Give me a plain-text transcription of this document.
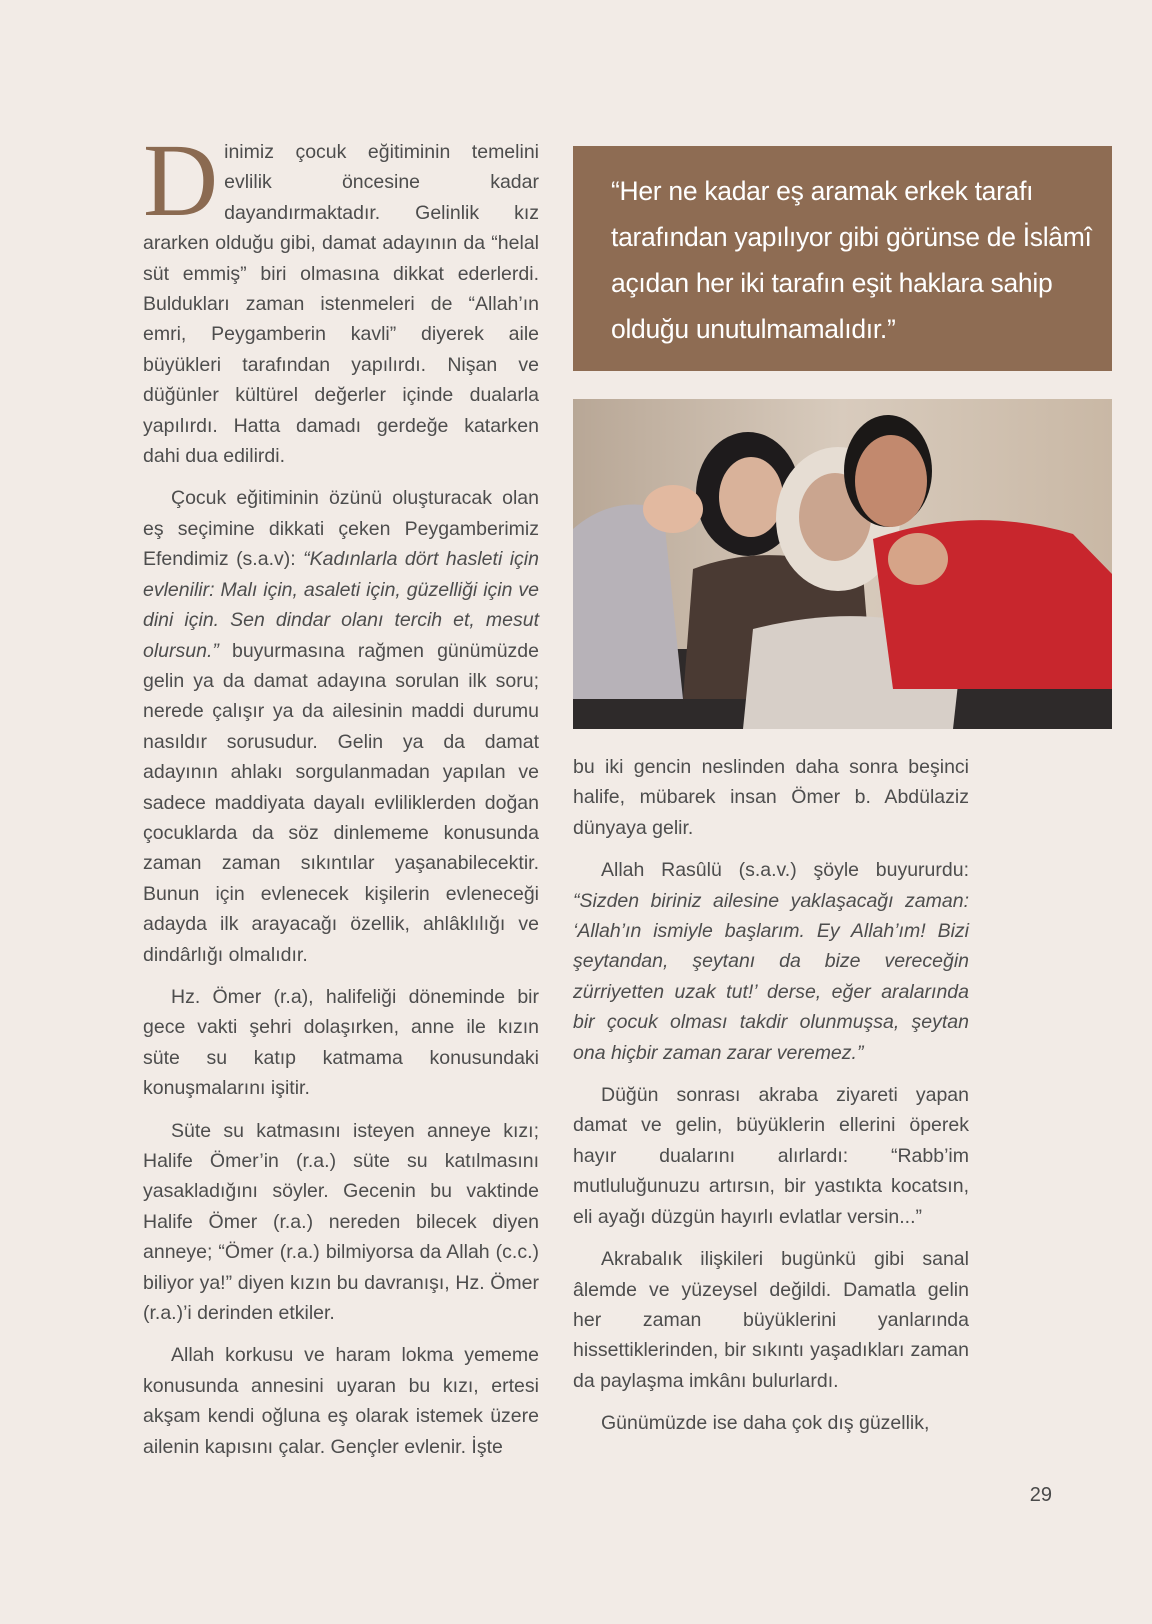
Dinimiz çocuk eğitiminin temelini evlilik öncesine kadar dayandırmaktadır. Gelinlik kız ararken olduğu gibi, damat adayının da “helal süt emmiş” biri olmasına dikkat ederlerdi. Buldukları zaman istenmeleri de “Allah’ın emri, Peygamberin kavli” diyerek aile büyükleri tarafından yapılırdı. Nişan ve düğünler kültürel değerler içinde dualarla yapılırdı. Hatta damadı gerdeğe katarken dahi dua edilirdi.

Çocuk eğitiminin özünü oluşturacak olan eş seçimine dikkati çeken Peygamberimiz Efendimiz (s.a.v): “Kadınlarla dört hasleti için evlenilir: Malı için, asaleti için, güzelliği için ve dini için. Sen dindar olanı tercih et, mesut olursun.” buyurmasına rağmen günümüzde gelin ya da damat adayına sorulan ilk soru; nerede çalışır ya da ailesinin maddi durumu nasıldır sorusudur. Gelin ya da damat adayının ahlakı sorgulanmadan yapılan ve sadece maddiyata dayalı evliliklerden doğan çocuklarda da söz dinlememe konusunda zaman zaman sıkıntılar yaşanabilecektir. Bunun için evlenecek kişilerin evleneceği adayda ilk arayacağı özellik, ahlâklılığı ve dindârlığı olmalıdır.

Hz. Ömer (r.a), halifeliği döneminde bir gece vakti şehri dolaşırken, anne ile kızın süte su katıp katmama konusundaki konuşmalarını işitir.

Süte su katmasını isteyen anneye kızı; Halife Ömer’in (r.a.) süte su katılmasını yasakladığını söyler. Gecenin bu vaktinde Halife Ömer (r.a.) nereden bilecek diyen anneye; “Ömer (r.a.) bilmiyorsa da Allah (c.c.) biliyor ya!” diyen kızın bu davranışı, Hz. Ömer (r.a.)’i derinden etkiler.

Allah korkusu ve haram lokma yememe konusunda annesini uyaran bu kızı, ertesi akşam kendi oğluna eş olarak istemek üzere ailenin kapısını çalar. Gençler evlenir. İşte

“Her ne kadar eş aramak erkek tarafı tarafından yapılıyor gibi görünse de İslâmî açıdan her iki tarafın eşit haklara sahip olduğu unutulmamalıdır.”

bu iki gencin neslinden daha sonra beşinci halife, mübarek insan Ömer b. Abdülaziz dünyaya gelir.

Allah Rasûlü (s.a.v.) şöyle buyururdu: “Sizden biriniz ailesine yaklaşacağı zaman: ‘Allah’ın ismiyle başlarım. Ey Allah’ım! Bizi şeytandan, şeytanı da bize vereceğin zürriyetten uzak tut!’ derse, eğer aralarında bir çocuk olması takdir olunmuşsa, şeytan ona hiçbir zaman zarar veremez.”

Düğün sonrası akraba ziyareti yapan damat ve gelin, büyüklerin ellerini öperek hayır dualarını alırlardı: “Rabb’im mutluluğunuzu artırsın, bir yastıkta kocatsın, eli ayağı düzgün hayırlı evlatlar versin...”

Akrabalık ilişkileri bugünkü gibi sanal âlemde ve yüzeysel değildi. Damatla gelin her zaman büyüklerini yanlarında hissettiklerinden, bir sıkıntı yaşadıkları zaman da paylaşma imkânı bulurlardı.

Günümüzde ise daha çok dış güzellik,

29
